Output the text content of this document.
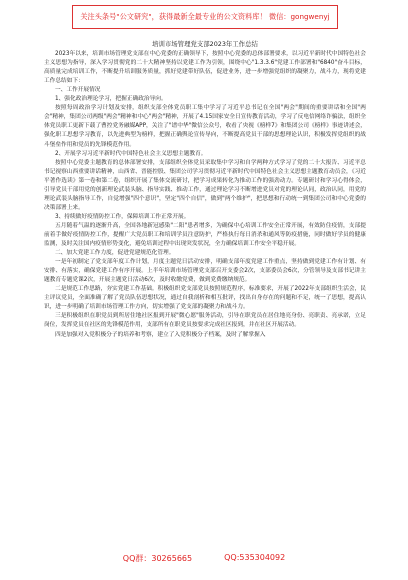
关注头条号"公文研究"，获得最新全最专业的公文资料库！ 微信：gongwenyj

培训市场管理党支部2023年工作总结

2023年以来，培训市场管理党支部在中心党委的正确领导下，按照中心党委的总体部署要求，以习近平新时代中国特色社会主义思想为指导，深入学习贯彻党的二十大精神坚持以党建工作为引领，围绕中心"1.3.3.6"党建工作部署和"6840"奋斗目标，高质量完成培训工作，不断提升培训服务质量，抓好党建带好队伍，促进业务，进一步增强党组织的凝聚力，战斗力，现将党建工作总结如下：

一、工作开展情况

1、强化政治理论学习，把握正确政治导向。

按照每周政治学习计划及安排，组织支部全体党员职工集中学习了习近平总书记在全国"两会"期间的重要讲话和全国"两会"精神，集团公司两级"两会"精神和中心"两会"精神，开展了4.15国家安全日宣传教育活动，学习了反电信网络诈骗法，组织全体党员职工更新下载了曹控党务融媒APP，关注了"谱中华"微信公众号，收看了央视《榜样7》和集团公司《榜样》事迹讲述会，强化职工思想学习教育，以先进典型为榜样，把握正确舆论宣传导向，不断提高党员干部的思想理论认识，积极发挥党组织的战斗堡垒作用和党员的先锋模范作用。

2、开展学习习近平新时代中国特色社会主义思想主题教育。

按照中心党委主题教育的总体部署安排，支部组织全体党员采取集中学习和自学两种方式学习了党的二十大报告、习近平总书记视察山西重要讲话精神，山西省、晋能控股、集团公司学习贯彻习近平新时代中国特色社会主义思想主题教育动员会，《习近平著作选读》第一卷和第二卷，组织开展了集体交流研讨，把学习成果转化为推动工作的强劲动力。专题研讨和学习心得体会，引导党员干部用党的创新理论武装头脑、指导实践、推动工作，通过理论学习不断增进党员对党的理论认同，政治认同，用党的理论武装头脑指导工作，自觉增强"四个意识"，坚定"四个自信"，做到"两个维护"，把思想和行动统一到集团公司和中心党委的决策部署上来。

3、持续做好疫情防控工作，保障培训工作正常开展。

五月随着气温的逐渐升高，全国各地新冠感染"二阳"患者增多，为确保中心培训工作安全正常开展，有效防住疫情，支部提前着手做好疫情防控工作，提醒广大党员职工和培训学员注意防护，严格执行每日消杀和通风等防疫措施，同时做好学员的健康监测，及时关注国内疫情形势变化，避免培训过程中出现突发状况，全力确保培训工作安全平稳开展。

二、加大党建工作力度，促进党建规范化管理。

一是年初制定了党支部年度工作计划，月度主题党日活动安排，明确支部年度党建工作重点，坚持做到党建工作有计划、有安排、有落实，确保党建工作有序开展。上半年培训市场管理党支部召开支委会2次，支部委员会6次，分管领导及支部书记讲主题教育专题党课2次，开展主题党日活动6次，及时收缴党费，做到党费缴纳规范。

二是规范工作思路，夯实党建工作基础。积极组织党支部党员按照规范程序，标准要求，开展了2022年支部组织生活会，民主评议党员，全面准确了解了党员队伍思想状况，通过自我剖析和相互批评，找出自身存在的问题和不足，统一了思想，提高认识，进一步明确了培训市场管理工作方向，切实增强了党支部的凝聚力和战斗力。

三是积极组织在职党员到所居住地社区报到开展"微心愿"服务活动，引导在职党员在居住地亮身份、亮职责、亮承诺，立足岗位，发挥党员在社区的先锋模范作用，支部所有在职党员按要求完成社区报到，并在社区开展活动。

四是加强对入党积极分子的培养和考察，建立了入党积极分子档案，及时了解掌握入

QQ群：30265665	QQ:535304092
